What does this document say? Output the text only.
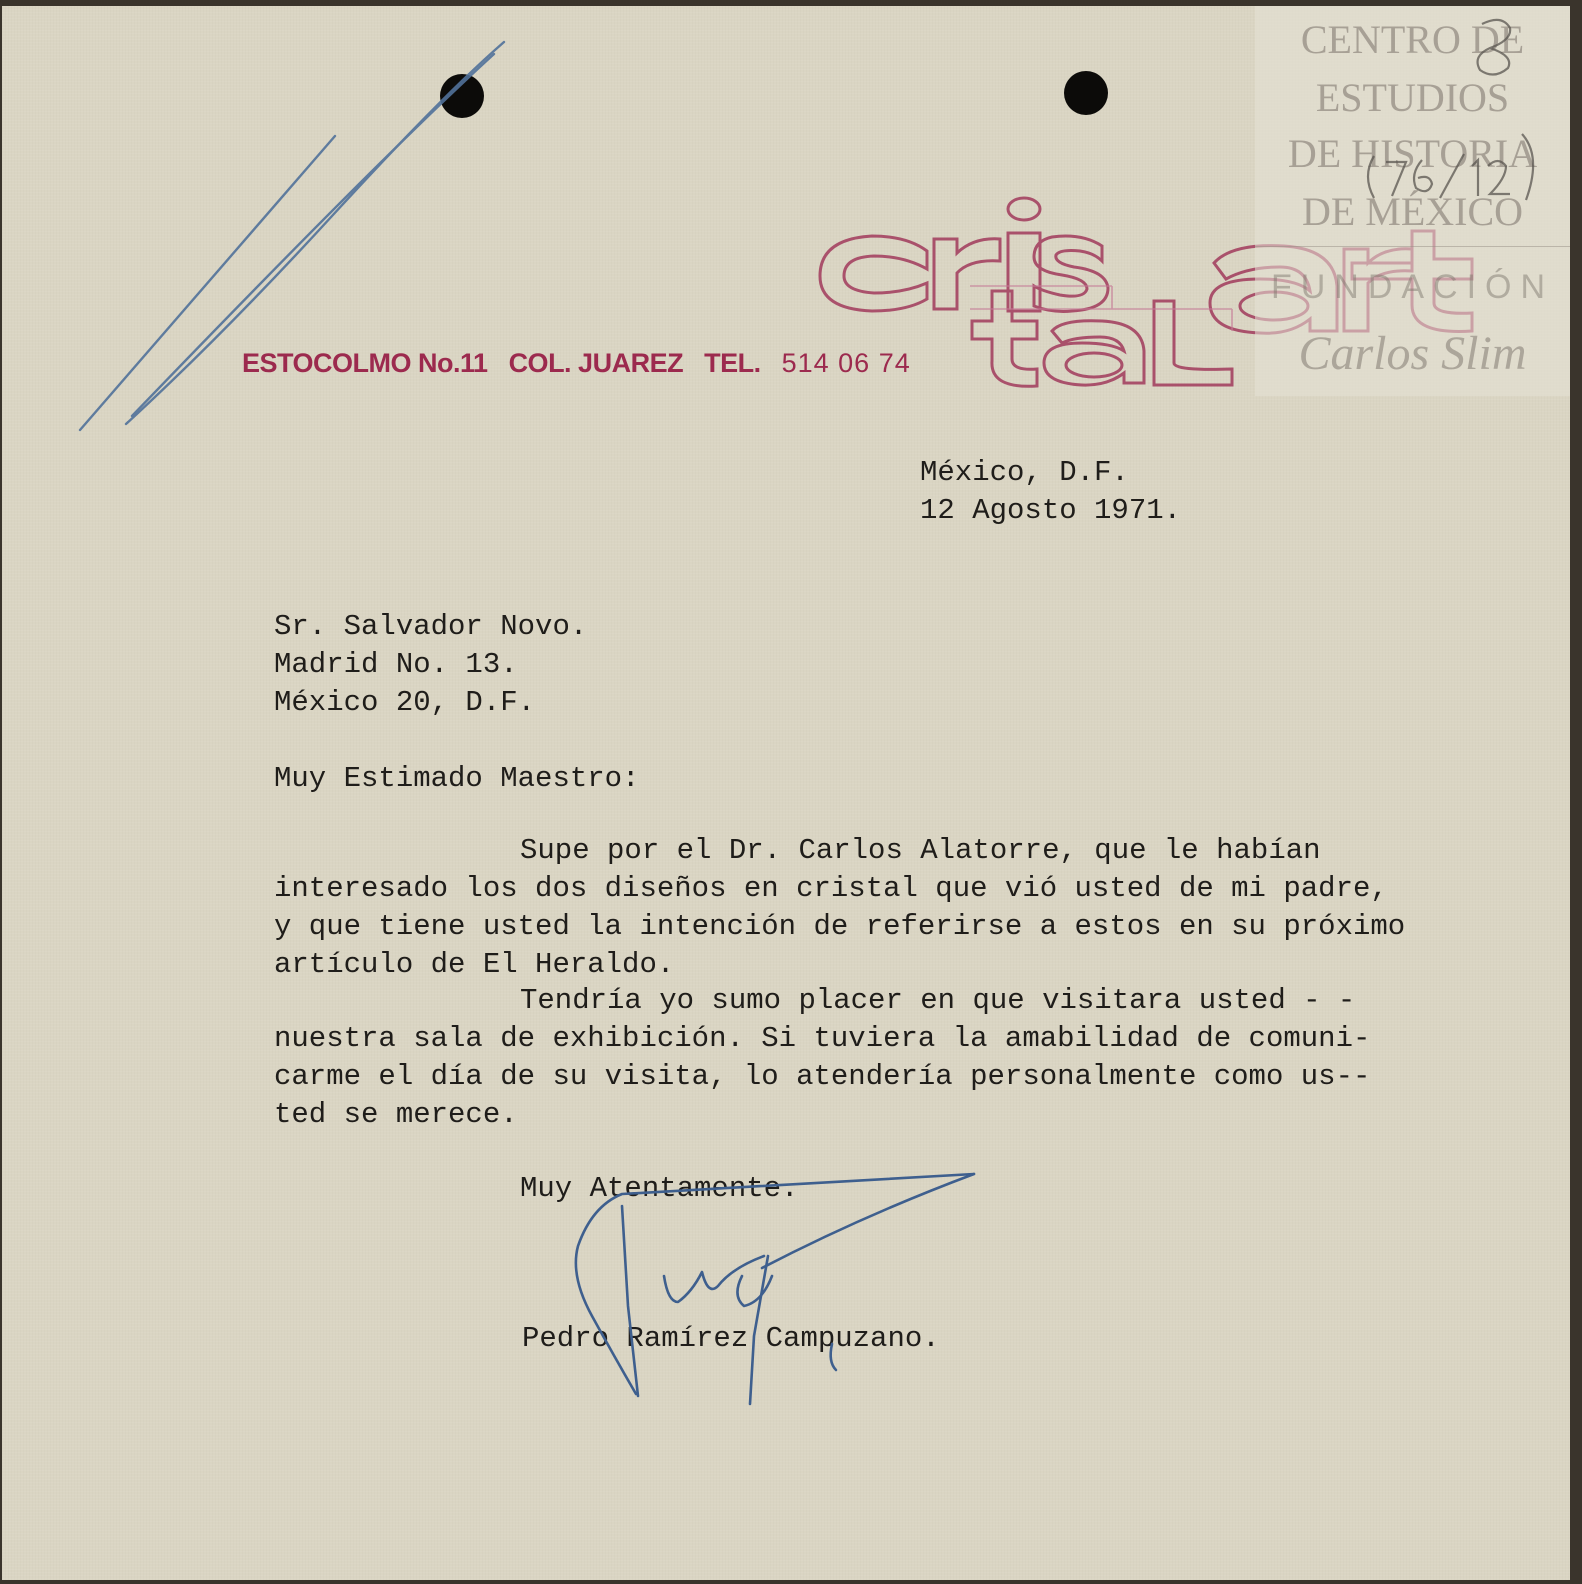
ESTOCOLMO No.11 COL. JUAREZ TEL. 514 06 74
CENTRO DE
ESTUDIOS
DE HISTORIA
DE MÉXICO
FUNDACIÓN
Carlos Slim
México, D.F.
12 Agosto 1971.
Sr. Salvador Novo.
Madrid No. 13.
México 20, D.F.
Muy Estimado Maestro:
Supe por el Dr. Carlos Alatorre, que le habían
interesado los dos diseños en cristal que vió usted de mi padre,
y que tiene usted la intención de referirse a estos en su próximo
artículo de El Heraldo.
Tendría yo sumo placer en que visitara usted - -
nuestra sala de exhibición. Si tuviera la amabilidad de comuni-
carme el día de su visita, lo atendería personalmente como us--
ted se merece.
Muy Atentamente.
Pedro Ramírez Campuzano.
